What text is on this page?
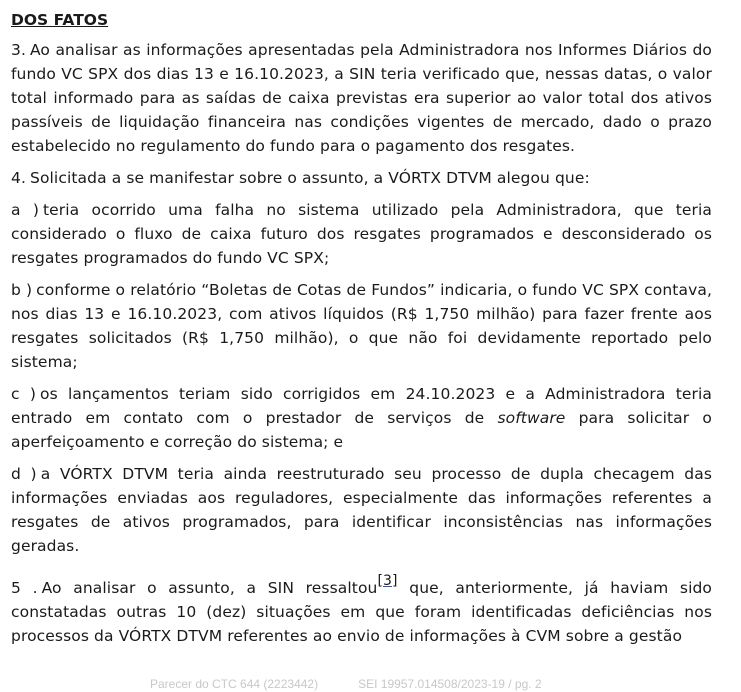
DOS FATOS

3. Ao analisar as informações apresentadas pela Administradora nos Informes Diários do fundo VC SPX dos dias 13 e 16.10.2023, a SIN teria verificado que, nessas datas, o valor total informado para as saídas de caixa previstas era superior ao valor total dos ativos passíveis de liquidação financeira nas condições vigentes de mercado, dado o prazo estabelecido no regulamento do fundo para o pagamento dos resgates.

4. Solicitada a se manifestar sobre o assunto, a VÓRTX DTVM alegou que:

a ) teria ocorrido uma falha no sistema utilizado pela Administradora, que teria considerado o fluxo de caixa futuro dos resgates programados e desconsiderado os resgates programados do fundo VC SPX;

b ) conforme o relatório “Boletas de Cotas de Fundos” indicaria, o fundo VC SPX contava, nos dias 13 e 16.10.2023, com ativos líquidos (R$ 1,750 milhão) para fazer frente aos resgates solicitados (R$ 1,750 milhão), o que não foi devidamente reportado pelo sistema;

c ) os lançamentos teriam sido corrigidos em 24.10.2023 e a Administradora teria entrado em contato com o prestador de serviços de software para solicitar o aperfeiçoamento e correção do sistema; e

d ) a VÓRTX DTVM teria ainda reestruturado seu processo de dupla checagem das informações enviadas aos reguladores, especialmente das informações referentes a resgates de ativos programados, para identificar inconsistências nas informações geradas.

5 . Ao analisar o assunto, a SIN ressaltou[3] que, anteriormente, já haviam sido constatadas outras 10 (dez) situações em que foram identificadas deficiências nos processos da VÓRTX DTVM referentes ao envio de informações à CVM sobre a gestão

Parecer do CTC 644 (2223442)	SEI 19957.014508/2023-19 / pg. 2
